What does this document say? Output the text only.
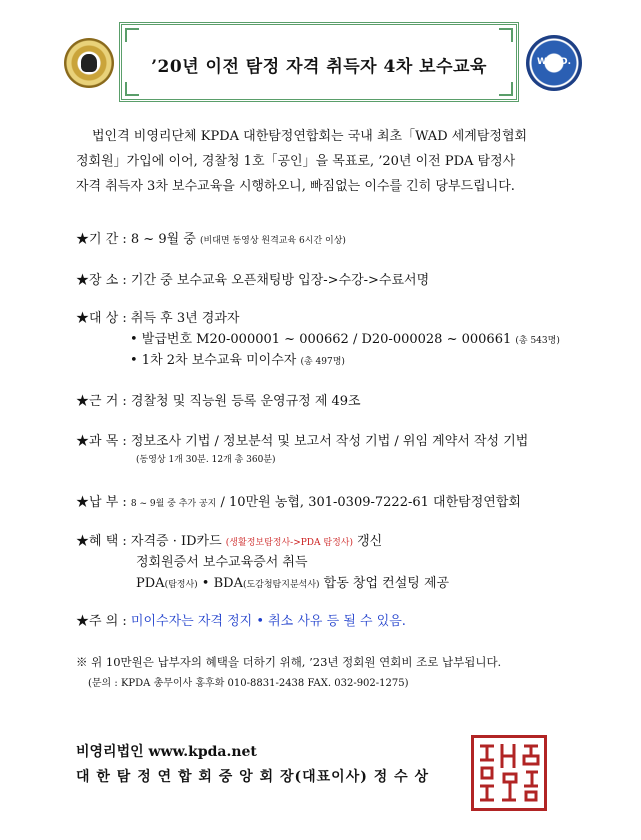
’20년 이전 탐정 자격 취득자 4차 보수교육	W.A.D.
법인격 비영리단체 KPDA 대한탐정연합회는 국내 최초「WAD 세계탐정협회
정회원」가입에 이어, 경찰청 1호「공인」을 목표로, ’20년 이전 PDA 탐정사
자격 취득자 3차 보수교육을 시행하오니, 빠짐없는 이수를 긴히 당부드립니다.
★기 간 : 8 ~ 9월 중 (비대면 동영상 원격교육 6시간 이상)
★장 소 : 기간 중 보수교육 오픈채팅방 입장->수강->수료서명
★대 상 : 취득 후 3년 경과자
• 발급번호 M20-000001 ~ 000662 / D20-000028 ~ 000661 (총 543명)
• 1차 2차 보수교육 미이수자 (총 497명)
★근 거 : 경찰청 및 직능원 등록 운영규정 제 49조
★과 목 : 정보조사 기법 / 정보분석 및 보고서 작성 기법 / 위임 계약서 작성 기법
(동영상 1개 30분. 12개 총 360분)
★납 부 : 8 ~ 9월 중 추가 공지 / 10만원 농협, 301-0309-7222-61 대한탐정연합회
★혜 택 : 자격증 · ID카드 (생활정보탐정사->PDA 탐정사) 갱신
정회원증서 보수교육증서 취득
PDA(탐정사) • BDA(도감청탐지분석사) 합동 창업 컨설팅 제공
★주 의 : 미이수자는 자격 정지 • 취소 사유 등 될 수 있음.
※ 위 10만원은 납부자의 혜택을 더하기 위해, ’23년 정회원 연회비 조로 납부됩니다.
(문의 : KPDA 총무이사 홍후화 010-8831-2438 FAX. 032-902-1275)
비영리법인 www.kpda.net
대 한 탐 정 연 합 회 중 앙 회 장(대표이사) 정 수 상
